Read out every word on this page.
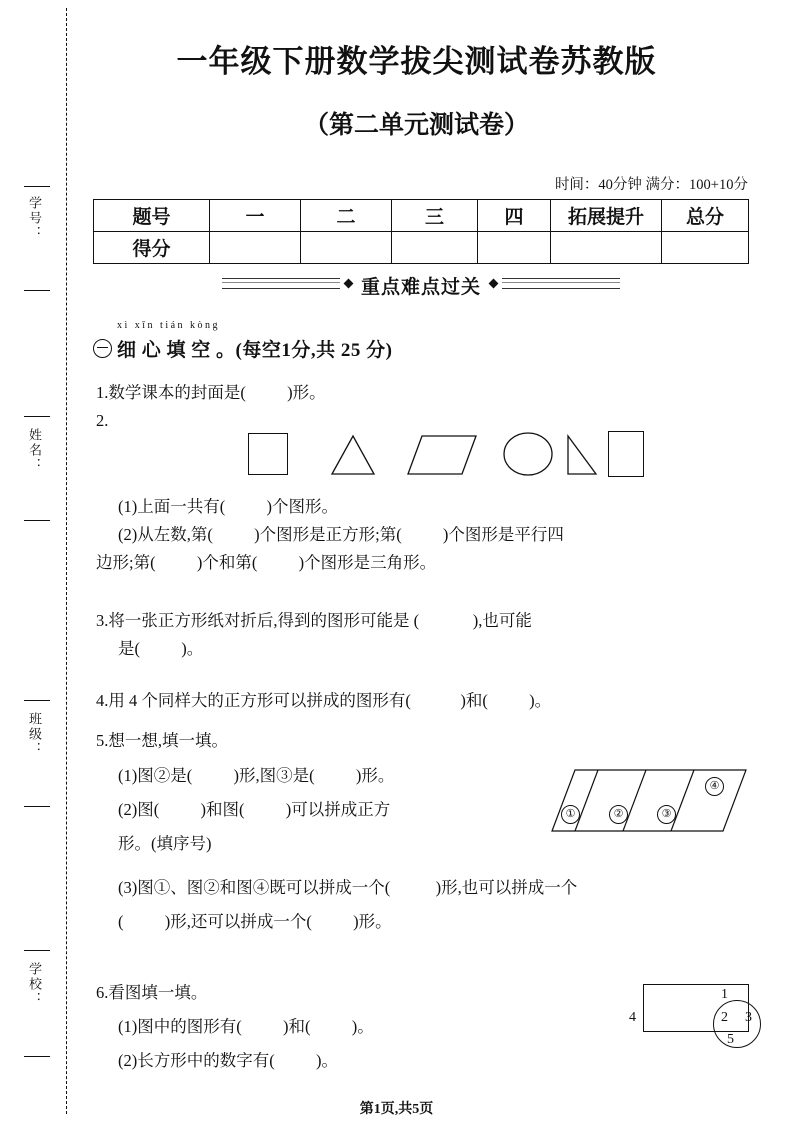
学号：
姓名：
班级：
学校：
一年级下册数学拔尖测试卷苏教版
（第二单元测试卷）
时间：40分钟 满分：100+10分
题号	一	二	三	四	拓展提升	总分
得分						
重点难点过关
xì xīn tián kòng
细 心 填 空 。(每空1分,共 25 分)
1.数学课本的封面是(          )形。
2.
(1)上面一共有(          )个图形。
(2)从左数,第(          )个图形是正方形;第(          )个图形是平行四
边形;第(          )个和第(          )个图形是三角形。
3.将一张正方形纸对折后,得到的图形可能是 (             ),也可能
是(          )。
4.用 4 个同样大的正方形可以拼成的图形有(            )和(          )。
5.想一想,填一填。
(1)图②是(          )形,图③是(          )形。
(2)图(          )和图(          )可以拼成正方
形。(填序号)
(3)图①、图②和图④既可以拼成一个(           )形,也可以拼成一个
(          )形,还可以拼成一个(          )形。
①	②	③
④
6.看图填一填。
(1)图中的图形有(          )和(          )。
(2)长方形中的数字有(          )。
1
4	2 3
5
第1页,共5页
